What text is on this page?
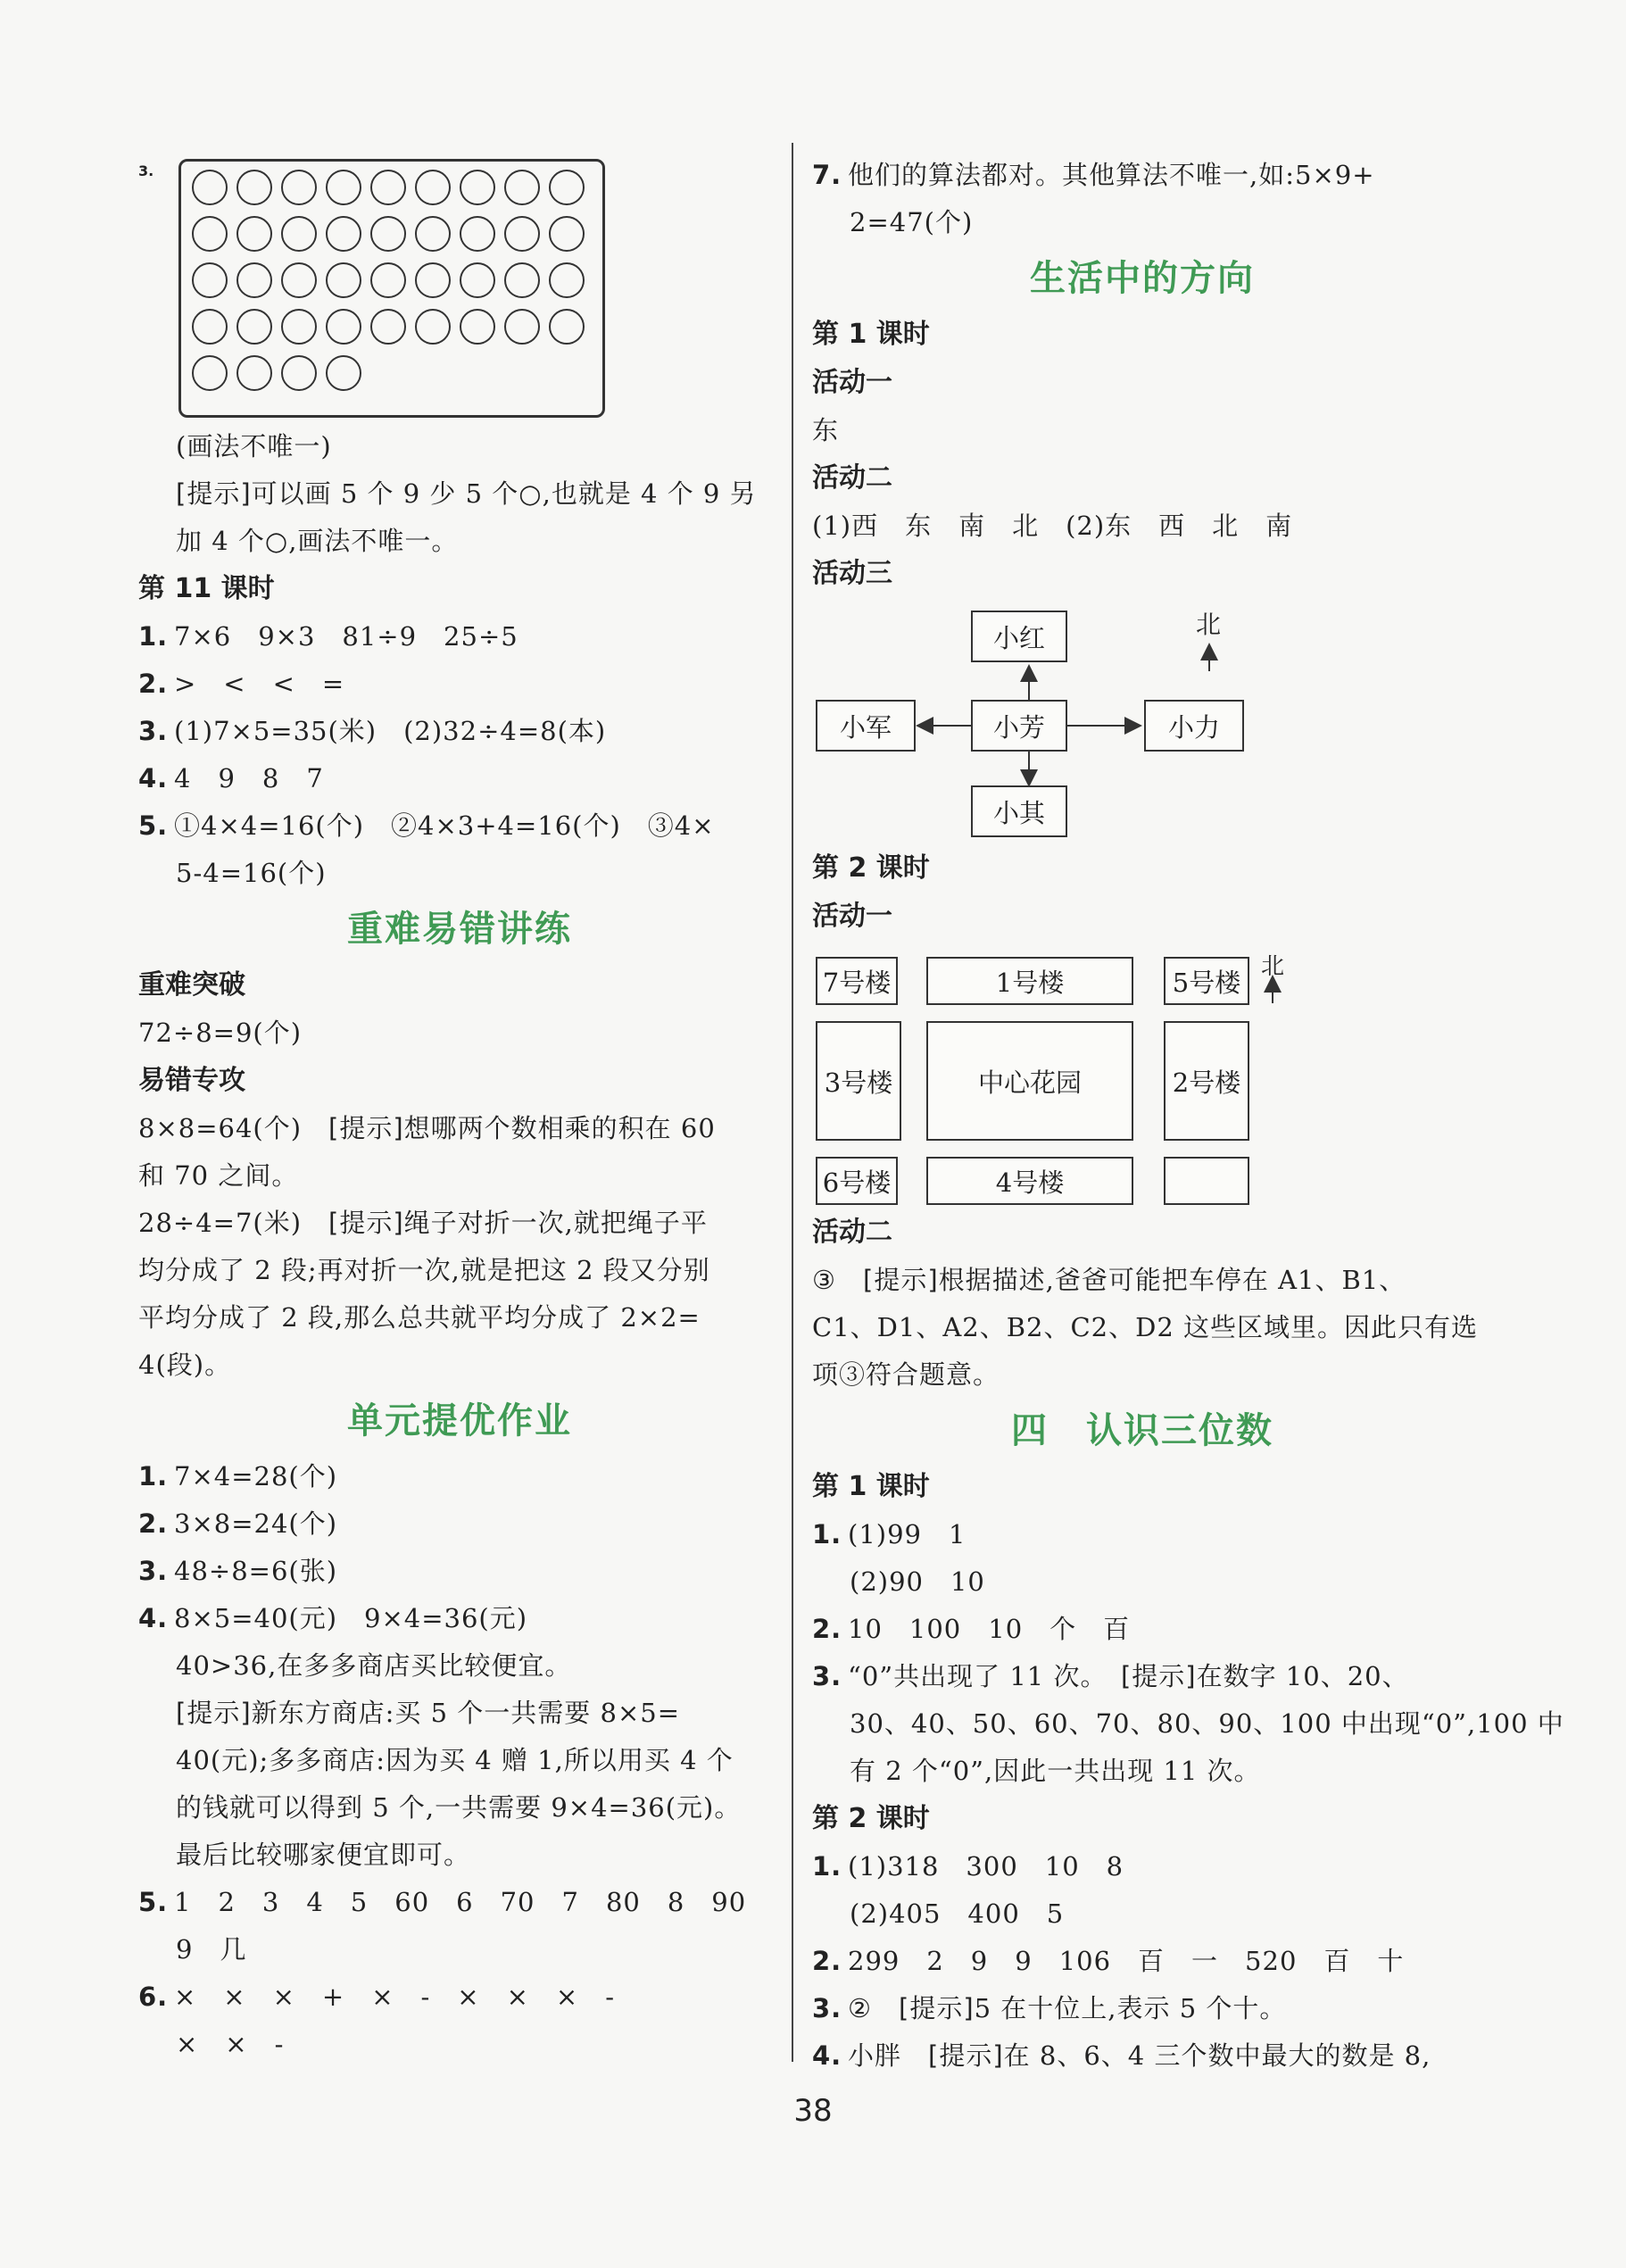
3.
(画法不唯一)
[提示]可以画 5 个 9 少 5 个○,也就是 4 个 9 另
加 4 个○,画法不唯一。
第 11 课时
1. 7×6　9×3　81÷9　25÷5
2. >　<　<　=
3. (1)7×5=35(米)　(2)32÷4=8(本)
4. 4　9　8　7
5. ①4×4=16(个)　②4×3+4=16(个)　③4×
5-4=16(个)
重难易错讲练
重难突破
72÷8=9(个)
易错专攻
8×8=64(个)　[提示]想哪两个数相乘的积在 60
和 70 之间。
28÷4=7(米)　[提示]绳子对折一次,就把绳子平
均分成了 2 段;再对折一次,就是把这 2 段又分别
平均分成了 2 段,那么总共就平均分成了 2×2=
4(段)。
单元提优作业
1. 7×4=28(个)
2. 3×8=24(个)
3. 48÷8=6(张)
4. 8×5=40(元)　9×4=36(元)
40>36,在多多商店买比较便宜。
[提示]新东方商店:买 5 个一共需要 8×5=
40(元);多多商店:因为买 4 赠 1,所以用买 4 个
的钱就可以得到 5 个,一共需要 9×4=36(元)。
最后比较哪家便宜即可。
5. 1　2　3　4　5　60　6　70　7　80　8　90
9　几
6. ×　×　×　+　×　-　×　×　×　-
×　×　-
7. 他们的算法都对。其他算法不唯一,如:5×9+
2=47(个)
生活中的方向
第 1 课时
活动一
东
活动二
(1)西　东　南　北　(2)东　西　北　南
活动三
小红
小军	小芳	小力
小其
北
第 2 课时
活动一
7号楼	1号楼	5号楼
北
3号楼	中心花园	2号楼
6号楼	4号楼
活动二
③　[提示]根据描述,爸爸可能把车停在 A1、B1、
C1、D1、A2、B2、C2、D2 这些区域里。因此只有选
项③符合题意。
四　认识三位数
第 1 课时
1. (1)99　1
(2)90　10
2. 10　100　10　个　百
3. “0”共出现了 11 次。　[提示]在数字 10、20、
30、40、50、60、70、80、90、100 中出现“0”,100 中
有 2 个“0”,因此一共出现 11 次。
第 2 课时
1. (1)318　300　10　8
(2)405　400　5
2. 299　2　9　9　106　百　一　520　百　十
3. ②　[提示]5 在十位上,表示 5 个十。
4. 小胖　[提示]在 8、6、4 三个数中最大的数是 8,
38
